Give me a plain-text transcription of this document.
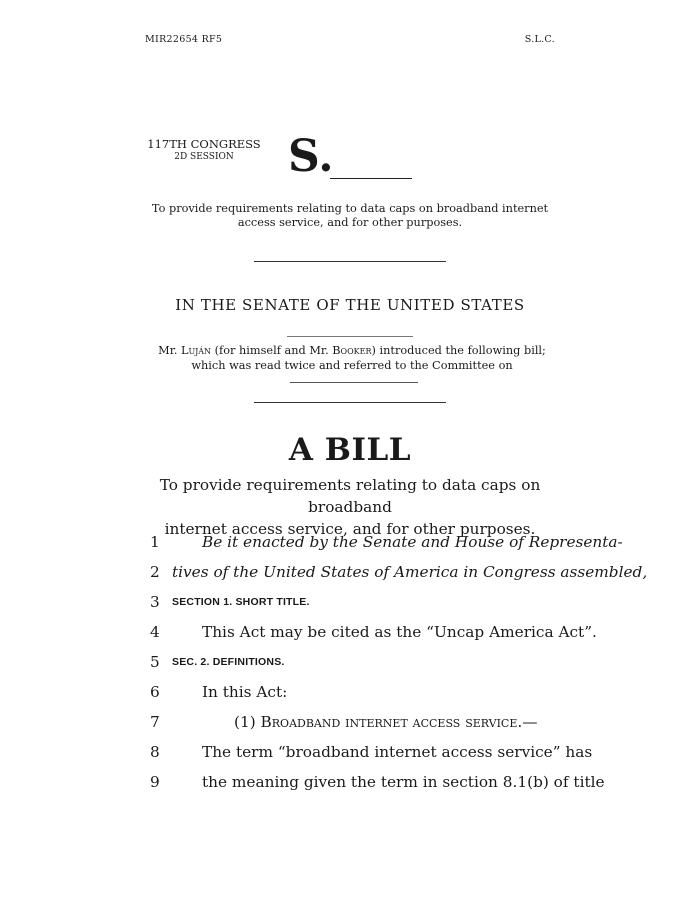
MIR22654 RF5	S.L.C.
117TH CONGRESS
2D SESSION	S.
To provide requirements relating to data caps on broadband internet access service, and for other purposes.
IN THE SENATE OF THE UNITED STATES
Mr. Luján (for himself and Mr. Booker) introduced the following bill; which was read twice and referred to the Committee on
A BILL
To provide requirements relating to data caps on broadband
internet access service, and for other purposes.
1	Be it enacted by the Senate and House of Representa-
2 tives of the United States of America in Congress assembled,
3 SECTION 1. SHORT TITLE.
4	This Act may be cited as the “Uncap America Act”.
5 SEC. 2. DEFINITIONS.
6	In this Act:
7	(1) Broadband internet access service.—
8	The term “broadband internet access service” has
9	the meaning given the term in section 8.1(b) of title
